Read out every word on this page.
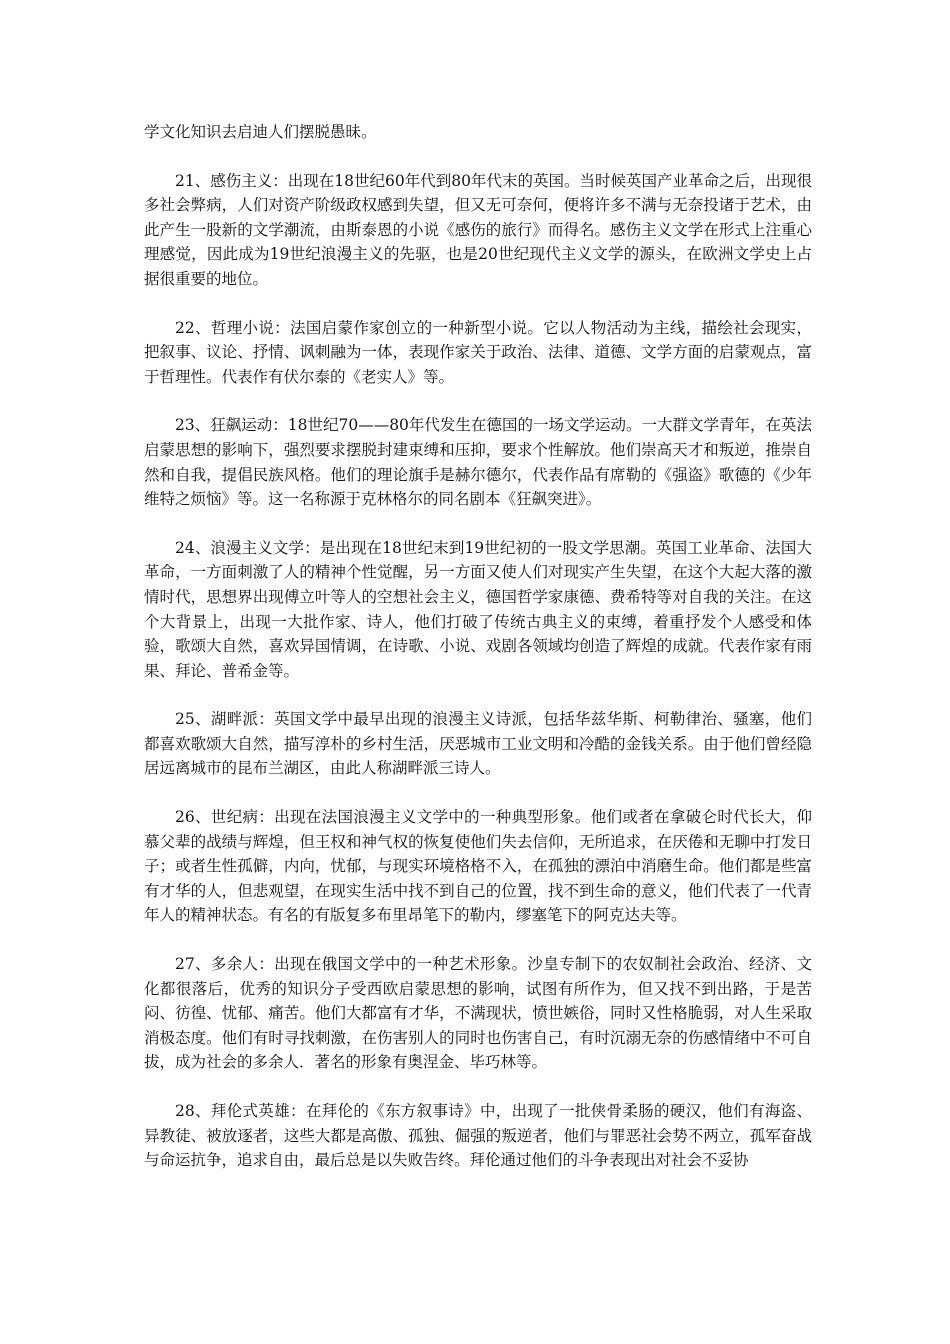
学文化知识去启迪人们摆脱愚昧。

21、感伤主义：出现在18世纪60年代到80年代末的英国。当时候英国产业革命之后，出现很多社会弊病，人们对资产阶级政权感到失望，但又无可奈何，便将许多不满与无奈投诸于艺术，由此产生一股新的文学潮流，由斯泰恩的小说《感伤的旅行》而得名。感伤主义文学在形式上注重心理感觉，因此成为19世纪浪漫主义的先驱，也是20世纪现代主义文学的源头，在欧洲文学史上占据很重要的地位。

22、哲理小说：法国启蒙作家创立的一种新型小说。它以人物活动为主线，描绘社会现实，把叙事、议论、抒情、讽刺融为一体，表现作家关于政治、法律、道德、文学方面的启蒙观点，富于哲理性。代表作有伏尔泰的《老实人》等。

23、狂飙运动：18世纪70——80年代发生在德国的一场文学运动。一大群文学青年，在英法启蒙思想的影响下，强烈要求摆脱封建束缚和压抑，要求个性解放。他们崇高天才和叛逆，推崇自然和自我，提倡民族风格。他们的理论旗手是赫尔德尔，代表作品有席勒的《强盗》歌德的《少年维特之烦恼》等。这一名称源于克林格尔的同名剧本《狂飙突进》。

24、浪漫主义文学：是出现在18世纪末到19世纪初的一股文学思潮。英国工业革命、法国大革命，一方面刺激了人的精神个性觉醒，另一方面又使人们对现实产生失望，在这个大起大落的激情时代，思想界出现傅立叶等人的空想社会主义，德国哲学家康德、费希特等对自我的关注。在这个大背景上，出现一大批作家、诗人，他们打破了传统古典主义的束缚，着重抒发个人感受和体验，歌颂大自然，喜欢异国情调，在诗歌、小说、戏剧各领域均创造了辉煌的成就。代表作家有雨果、拜论、普希金等。

25、湖畔派：英国文学中最早出现的浪漫主义诗派，包括华兹华斯、柯勒律治、骚塞，他们都喜欢歌颂大自然，描写淳朴的乡村生活，厌恶城市工业文明和冷酷的金钱关系。由于他们曾经隐居远离城市的昆布兰湖区，由此人称湖畔派三诗人。

26、世纪病：出现在法国浪漫主义文学中的一种典型形象。他们或者在拿破仑时代长大，仰慕父辈的战绩与辉煌，但王权和神气权的恢复使他们失去信仰，无所追求，在厌倦和无聊中打发日子；或者生性孤僻，内向，忧郁，与现实环境格格不入，在孤独的漂泊中消磨生命。他们都是些富有才华的人，但悲观望，在现实生活中找不到自己的位置，找不到生命的意义，他们代表了一代青年人的精神状态。有名的有版复多布里昂笔下的勒内，缪塞笔下的阿克达夫等。

27、多余人：出现在俄国文学中的一种艺术形象。沙皇专制下的农奴制社会政治、经济、文化都很落后，优秀的知识分子受西欧启蒙思想的影响，试图有所作为，但又找不到出路，于是苦闷、彷徨、忧郁、痛苦。他们大都富有才华，不满现状，愤世嫉俗，同时又性格脆弱，对人生采取消极态度。他们有时寻找刺激，在伤害别人的同时也伤害自己，有时沉溺无奈的伤感情绪中不可自拔，成为社会的多余人．著名的形象有奥涅金、毕巧林等。

28、拜伦式英雄：在拜伦的《东方叙事诗》中，出现了一批侠骨柔肠的硬汉，他们有海盗、异教徒、被放逐者，这些大都是高傲、孤独、倔强的叛逆者，他们与罪恶社会势不两立，孤军奋战与命运抗争，追求自由，最后总是以失败告终。拜伦通过他们的斗争表现出对社会不妥协
